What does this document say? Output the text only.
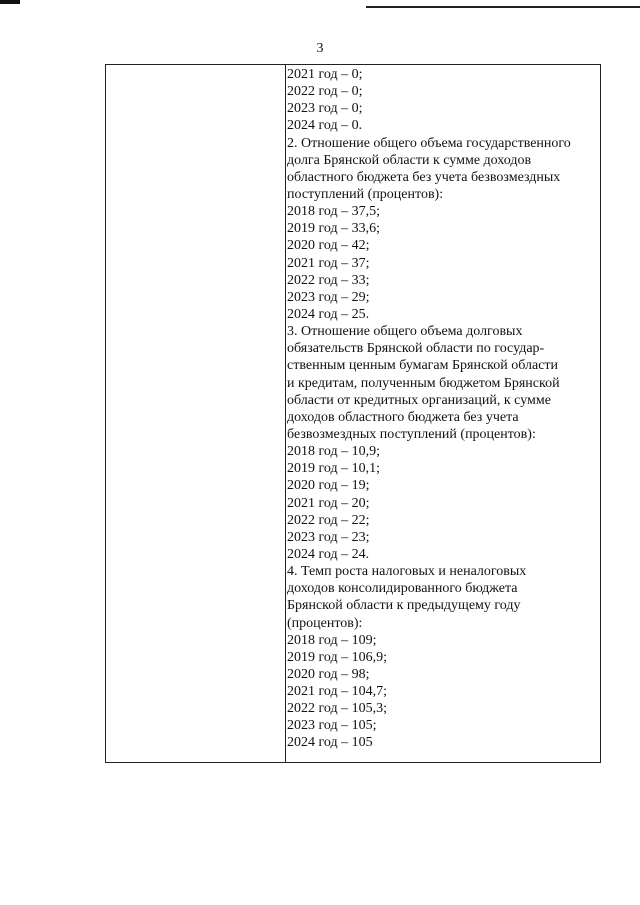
3
2021 год – 0;
2022 год – 0;
2023 год – 0;
2024 год – 0.
2. Отношение общего объема государственного
долга Брянской области к сумме доходов
областного бюджета без учета безвозмездных
поступлений (процентов):
2018 год – 37,5;
2019 год – 33,6;
2020 год – 42;
2021 год – 37;
2022 год – 33;
2023 год – 29;
2024 год – 25.
3. Отношение общего объема долговых
обязательств Брянской области по государ-
ственным ценным бумагам Брянской области
и кредитам, полученным бюджетом Брянской
области от кредитных организаций, к сумме
доходов областного бюджета без учета
безвозмездных поступлений (процентов):
2018 год – 10,9;
2019 год – 10,1;
2020 год – 19;
2021 год – 20;
2022 год – 22;
2023 год – 23;
2024 год – 24.
4. Темп роста налоговых и неналоговых
доходов консолидированного бюджета
Брянской области к предыдущему году
(процентов):
2018 год – 109;
2019 год – 106,9;
2020 год – 98;
2021 год – 104,7;
2022 год – 105,3;
2023 год – 105;
2024 год – 105
